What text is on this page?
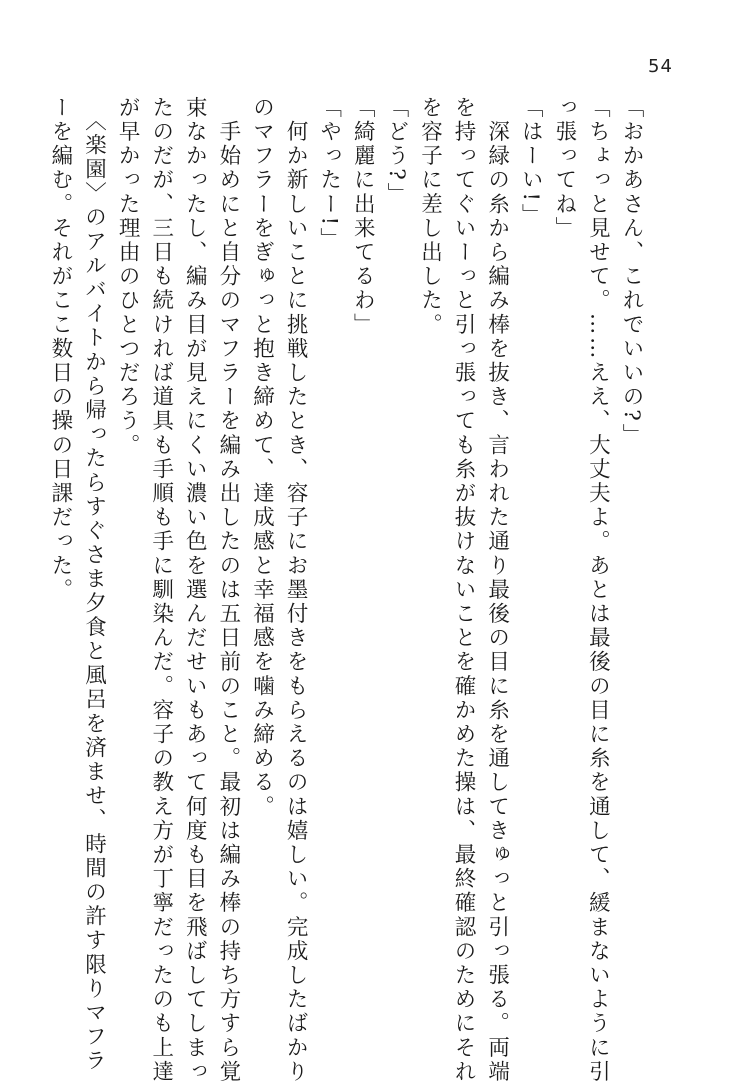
54
「おかあさん、これでいいの?」
「ちょっと見せて。……ええ、大丈夫よ。あとは最後の目に糸を通して、緩まないように引
っ張ってね」
「はーい!」
　深緑の糸から編み棒を抜き、言われた通り最後の目に糸を通してきゅっと引っ張る。両端
を持ってぐいーっと引っ張っても糸が抜けないことを確かめた操は、最終確認のためにそれ
を容子に差し出した。
「どう?」
「綺麗に出来てるわ」
「やったー!」
　何か新しいことに挑戦したとき、容子にお墨付きをもらえるのは嬉しい。完成したばかり
のマフラーをぎゅっと抱き締めて、達成感と幸福感を噛み締める。
　手始めにと自分のマフラーを編み出したのは五日前のこと。最初は編み棒の持ち方すら覚
束なかったし、編み目が見えにくい濃い色を選んだせいもあって何度も目を飛ばしてしまっ
たのだが、三日も続ければ道具も手順も手に馴染んだ。容子の教え方が丁寧だったのも上達
が早かった理由のひとつだろう。
　〈楽園〉のアルバイトから帰ったらすぐさま夕食と風呂を済ませ、時間の許す限りマフラ
ーを編む。それがここ数日の操の日課だった。
